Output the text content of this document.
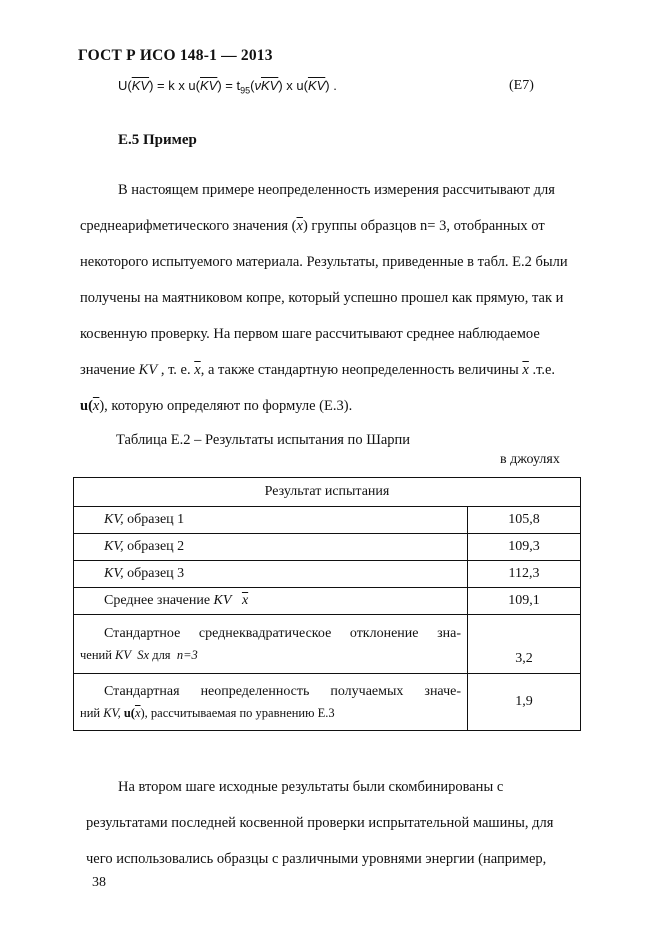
ГОСТ Р ИСО 148-1 — 2013
$U(\overline{KV}) = k$ x $u(\overline{KV}) = t_{95}(\nu\overline{KV})$ x $u(\overline{KV})$ .	(E7)
Е.5 Пример
В настоящем примере неопределенность измерения рассчитывают для
среднеарифметического значения $(\overline{x})$ группы образцов n= 3, отобранных от
некоторого испытуемого материала. Результаты, приведенные в табл. Е.2 были
получены на маятниковом копре, который успешно прошел как прямую, так и
косвенную проверку. На первом шаге рассчитывают среднее наблюдаемое
значение KV , т. е. $\overline{x}$, а также стандартную неопределенность величины $\overline{x}$ .т.е.
$u(\overline{x})$, которую определяют по формуле (Е.3).
Таблица Е.2 – Результаты испытания по Шарпи
в джоулях
Результат испытания	
KV, образец 1	105,8
KV, образец 2	109,3
KV, образец 3	112,3
Среднее значение KV $\overline{x}$	109,1

Стандартное среднеквадратическое отклонение зна-
чений KV Sx для  n=3	3,2

Стандартная неопределенность получаемых значе-
ний KV, $u(\overline{x})$, рассчитываемая по уравнению Е.3	1,9
На втором шаге исходные результаты были скомбинированы с
результатами последней косвенной проверки испрытательной машины, для
чего использовались образцы с различными уровнями энергии (например,
38
